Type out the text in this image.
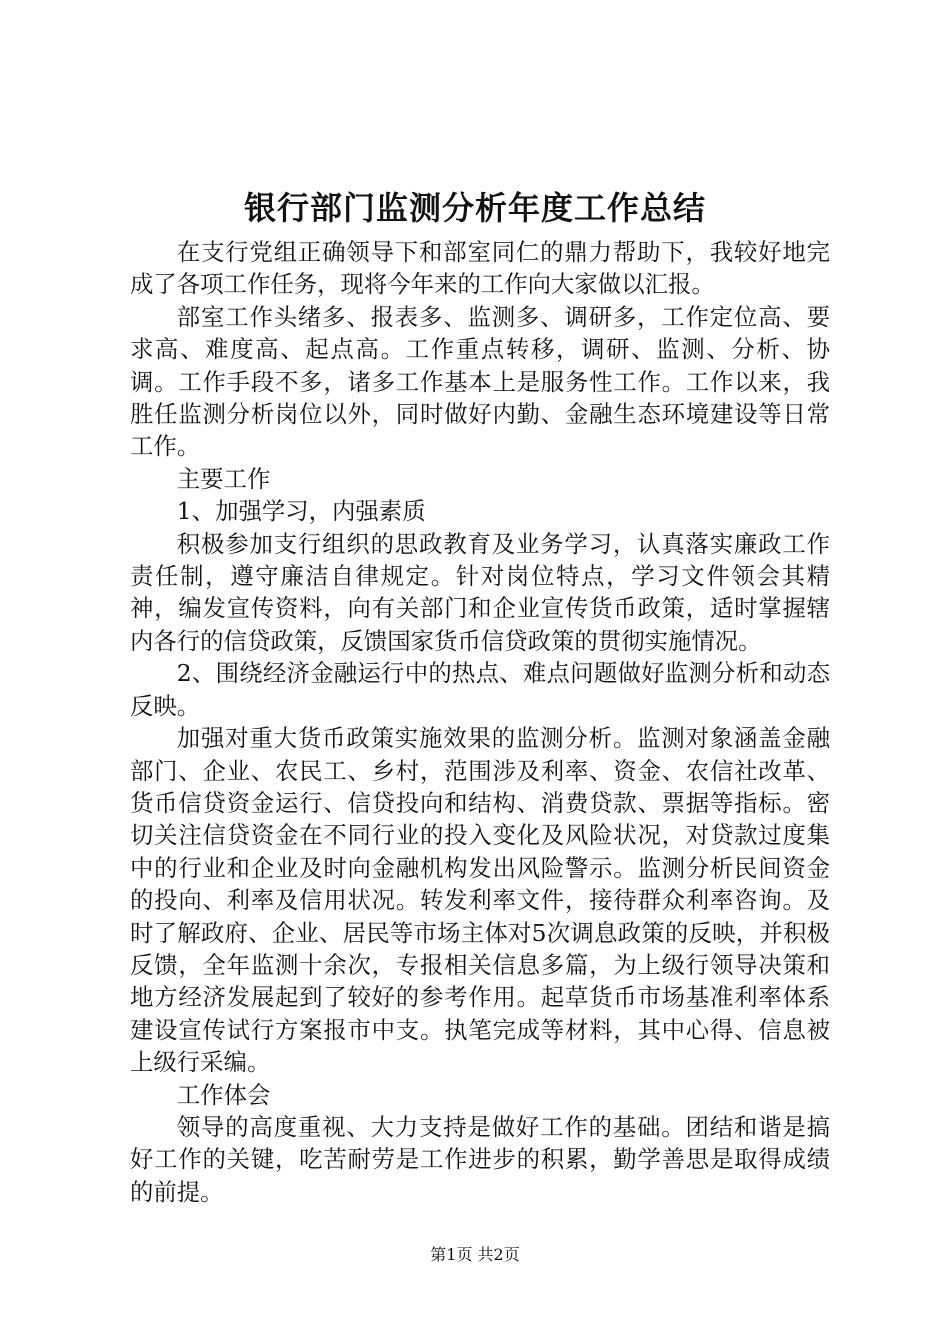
银行部门监测分析年度工作总结

在支行党组正确领导下和部室同仁的鼎力帮助下，我较好地完成了各项工作任务，现将今年来的工作向大家做以汇报。

部室工作头绪多、报表多、监测多、调研多，工作定位高、要求高、难度高、起点高。工作重点转移，调研、监测、分析、协调。工作手段不多，诸多工作基本上是服务性工作。工作以来，我胜任监测分析岗位以外，同时做好内勤、金融生态环境建设等日常工作。

主要工作

1、加强学习，内强素质

积极参加支行组织的思政教育及业务学习，认真落实廉政工作责任制，遵守廉洁自律规定。针对岗位特点，学习文件领会其精神，编发宣传资料，向有关部门和企业宣传货币政策，适时掌握辖内各行的信贷政策，反馈国家货币信贷政策的贯彻实施情况。

2、围绕经济金融运行中的热点、难点问题做好监测分析和动态反映。

加强对重大货币政策实施效果的监测分析。监测对象涵盖金融部门、企业、农民工、乡村，范围涉及利率、资金、农信社改革、货币信贷资金运行、信贷投向和结构、消费贷款、票据等指标。密切关注信贷资金在不同行业的投入变化及风险状况，对贷款过度集中的行业和企业及时向金融机构发出风险警示。监测分析民间资金的投向、利率及信用状况。转发利率文件，接待群众利率咨询。及时了解政府、企业、居民等市场主体对5次调息政策的反映，并积极反馈，全年监测十余次，专报相关信息多篇，为上级行领导决策和地方经济发展起到了较好的参考作用。起草货币市场基准利率体系建设宣传试行方案报市中支。执笔完成等材料，其中心得、信息被上级行采编。

工作体会

领导的高度重视、大力支持是做好工作的基础。团结和谐是搞好工作的关键，吃苦耐劳是工作进步的积累，勤学善思是取得成绩的前提。

第1页 共2页
